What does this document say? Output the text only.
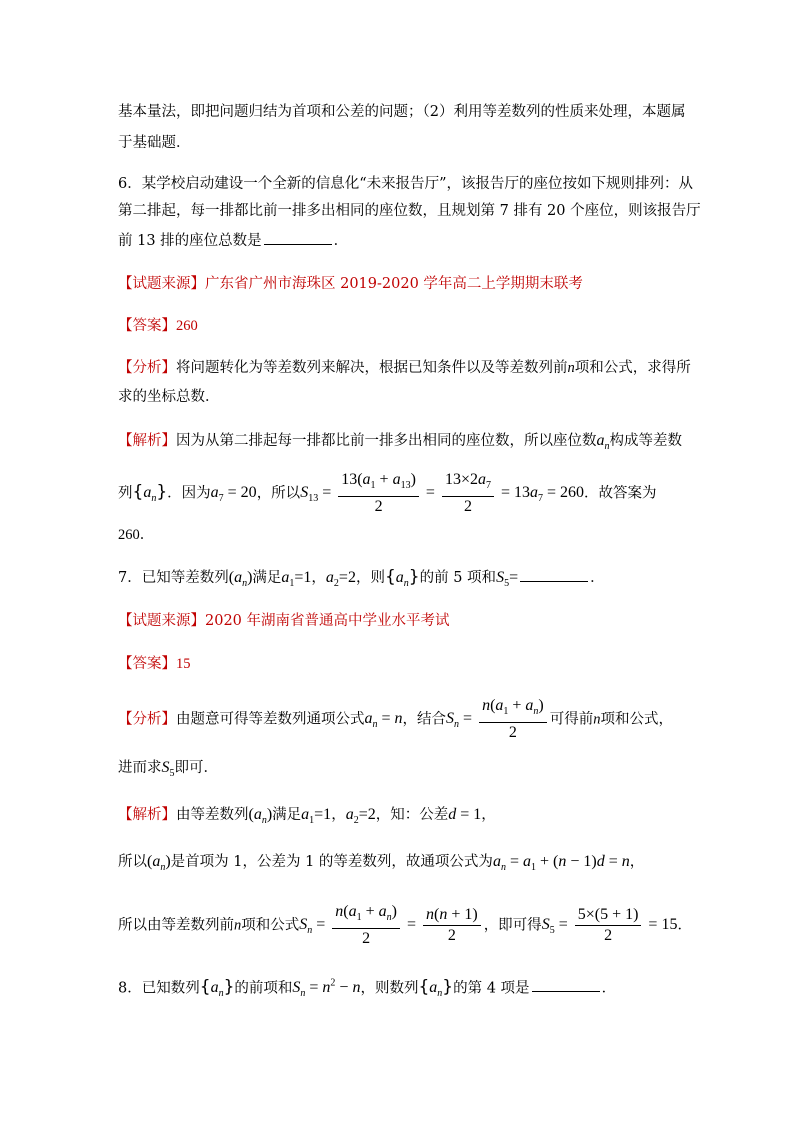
基本量法，即把问题归结为首项和公差的问题；（2）利用等差数列的性质来处理，本题属
于基础题．
6．某学校启动建设一个全新的信息化“未来报告厅”，该报告厅的座位按如下规则排列：从
第二排起，每一排都比前一排多出相同的座位数，且规划第 7 排有 20 个座位，则该报告厅
前 13 排的座位总数是	．
【试题来源】广东省广州市海珠区 2019-2020 学年高二上学期期末联考
【答案】260
【分析】将问题转化为等差数列来解决，根据已知条件以及等差数列前n项和公式，求得所
求的坐标总数．
【解析】因为从第二排起每一排都比前一排多出相同的座位数，所以座位数$a_n$构成等差数
列$\{a_n\}$．因为$a_7 = 20$，所以$S_{13} = \frac{13(a_1 + a_{13})}{2} = \frac{13\times 2a_7}{2} = 13a_7 = 260$．故答案为
260．
7．已知等差数列$(a_n)$满足$a_1=1$，$a_2=2$，则$\{a_n\}$的前 5 项和$S_5=$	．
【试题来源】2020 年湖南省普通高中学业水平考试
【答案】15
【分析】由题意可得等差数列通项公式$a_n = n$，结合$S_n = \frac{n(a_1 + a_n)}{2}$ 可得前n项和公式，
进而求$S_5$即可．
【解析】由等差数列$(a_n)$满足$a_1=1$，$a_2=2$，知：公差d = 1，
所以$(a_n)$是首项为 1，公差为 1 的等差数列，故通项公式为$a_n = a_1 + (n - 1)d = n$，
所以由等差数列前n项和公式$S_n = \frac{n(a_1 + a_n)}{2} = \frac{n(n + 1)}{2}$ ，即可得$S_5 = \frac{5\times(5 + 1)}{2} = 15$．
8．已知数列$\{a_n\}$的前项和$S_n = n^2 - n$，则数列$\{a_n\}$的第 4 项是	．
